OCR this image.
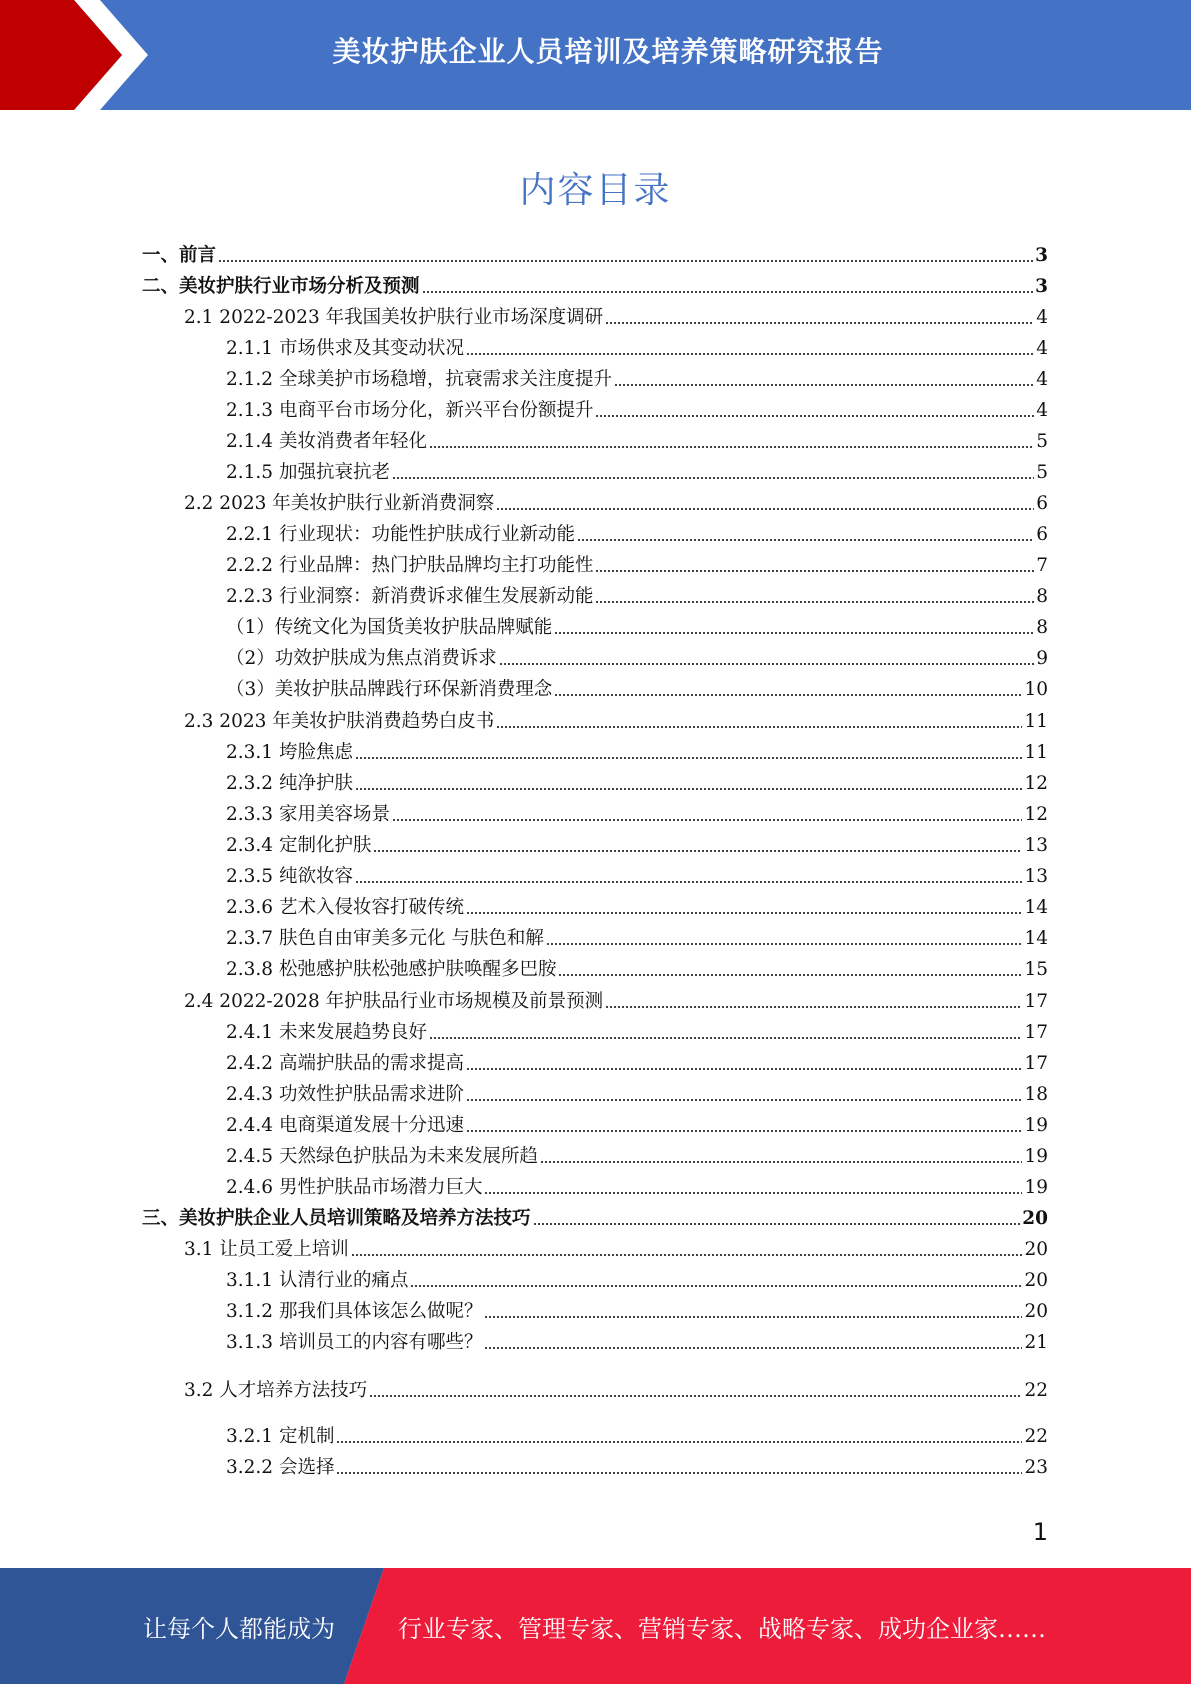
美妆护肤企业人员培训及培养策略研究报告
内容目录
一、前言	3
二、美妆护肤行业市场分析及预测	3
2.1 2022-2023 年我国美妆护肤行业市场深度调研	4
2.1.1 市场供求及其变动状况	4
2.1.2 全球美护市场稳增，抗衰需求关注度提升	4
2.1.3 电商平台市场分化，新兴平台份额提升	4
2.1.4 美妆消费者年轻化	5
2.1.5 加强抗衰抗老	5
2.2 2023 年美妆护肤行业新消费洞察	6
2.2.1 行业现状：功能性护肤成行业新动能	6
2.2.2 行业品牌：热门护肤品牌均主打功能性	7
2.2.3 行业洞察：新消费诉求催生发展新动能	8
（1）传统文化为国货美妆护肤品牌赋能	8
（2）功效护肤成为焦点消费诉求	9
（3）美妆护肤品牌践行环保新消费理念	10
2.3 2023 年美妆护肤消费趋势白皮书	11
2.3.1 垮脸焦虑	11
2.3.2 纯净护肤	12
2.3.3 家用美容场景	12
2.3.4 定制化护肤	13
2.3.5 纯欲妆容	13
2.3.6 艺术入侵妆容打破传统	14
2.3.7 肤色自由审美多元化 与肤色和解	14
2.3.8 松弛感护肤松弛感护肤唤醒多巴胺	15
2.4 2022-2028 年护肤品行业市场规模及前景预测	17
2.4.1 未来发展趋势良好	17
2.4.2 高端护肤品的需求提高	17
2.4.3 功效性护肤品需求进阶	18
2.4.4 电商渠道发展十分迅速	19
2.4.5 天然绿色护肤品为未来发展所趋	19
2.4.6 男性护肤品市场潜力巨大	19
三、美妆护肤企业人员培训策略及培养方法技巧	20
3.1 让员工爱上培训	20
3.1.1 认清行业的痛点	20
3.1.2 那我们具体该怎么做呢？	20
3.1.3 培训员工的内容有哪些？	21
3.2 人才培养方法技巧	22
3.2.1 定机制	22
3.2.2 会选择	23
1
让每个人都能成为	行业专家、管理专家、营销专家、战略专家、成功企业家……
